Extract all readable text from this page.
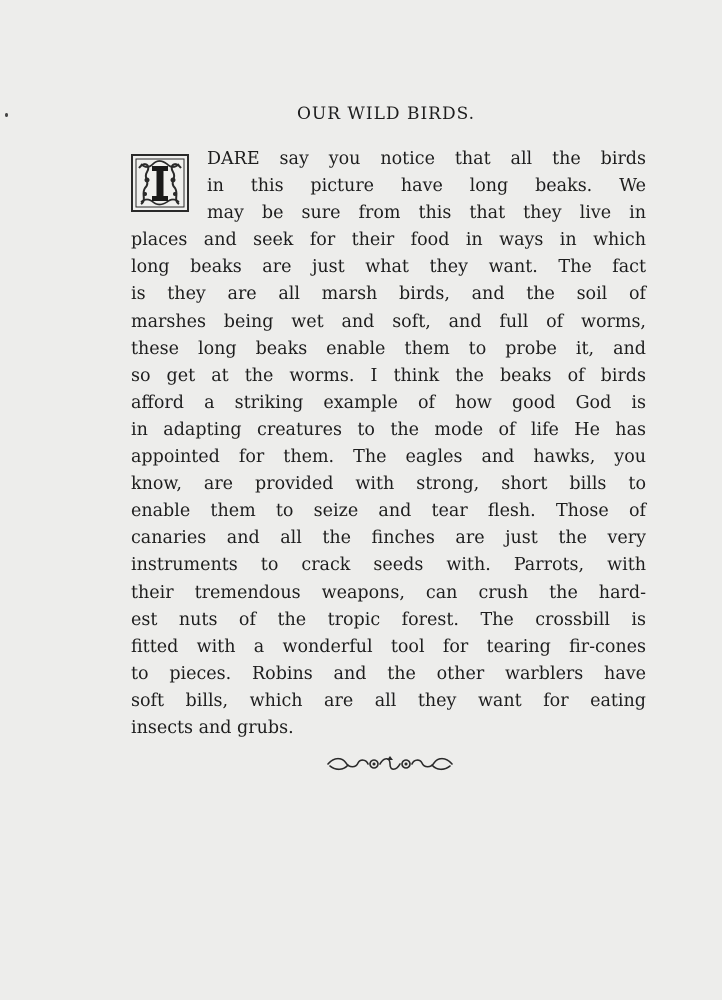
OUR WILD BIRDS.
I
DARE say you notice that all the birds
in this picture have long beaks. We
may be sure from this that they live in
places and seek for their food in ways in which
long beaks are just what they want. The fact
is they are all marsh birds, and the soil of
marshes being wet and soft, and full of worms,
these long beaks enable them to probe it, and
so get at the worms. I think the beaks of birds
afford a striking example of how good God is
in adapting creatures to the mode of life He has
appointed for them. The eagles and hawks, you
know, are provided with strong, short bills to
enable them to seize and tear flesh. Those of
canaries and all the finches are just the very
instruments to crack seeds with. Parrots, with
their tremendous weapons, can crush the hard-
est nuts of the tropic forest. The crossbill is
fitted with a wonderful tool for tearing fir-cones
to pieces. Robins and the other warblers have
soft bills, which are all they want for eating
insects and grubs.
